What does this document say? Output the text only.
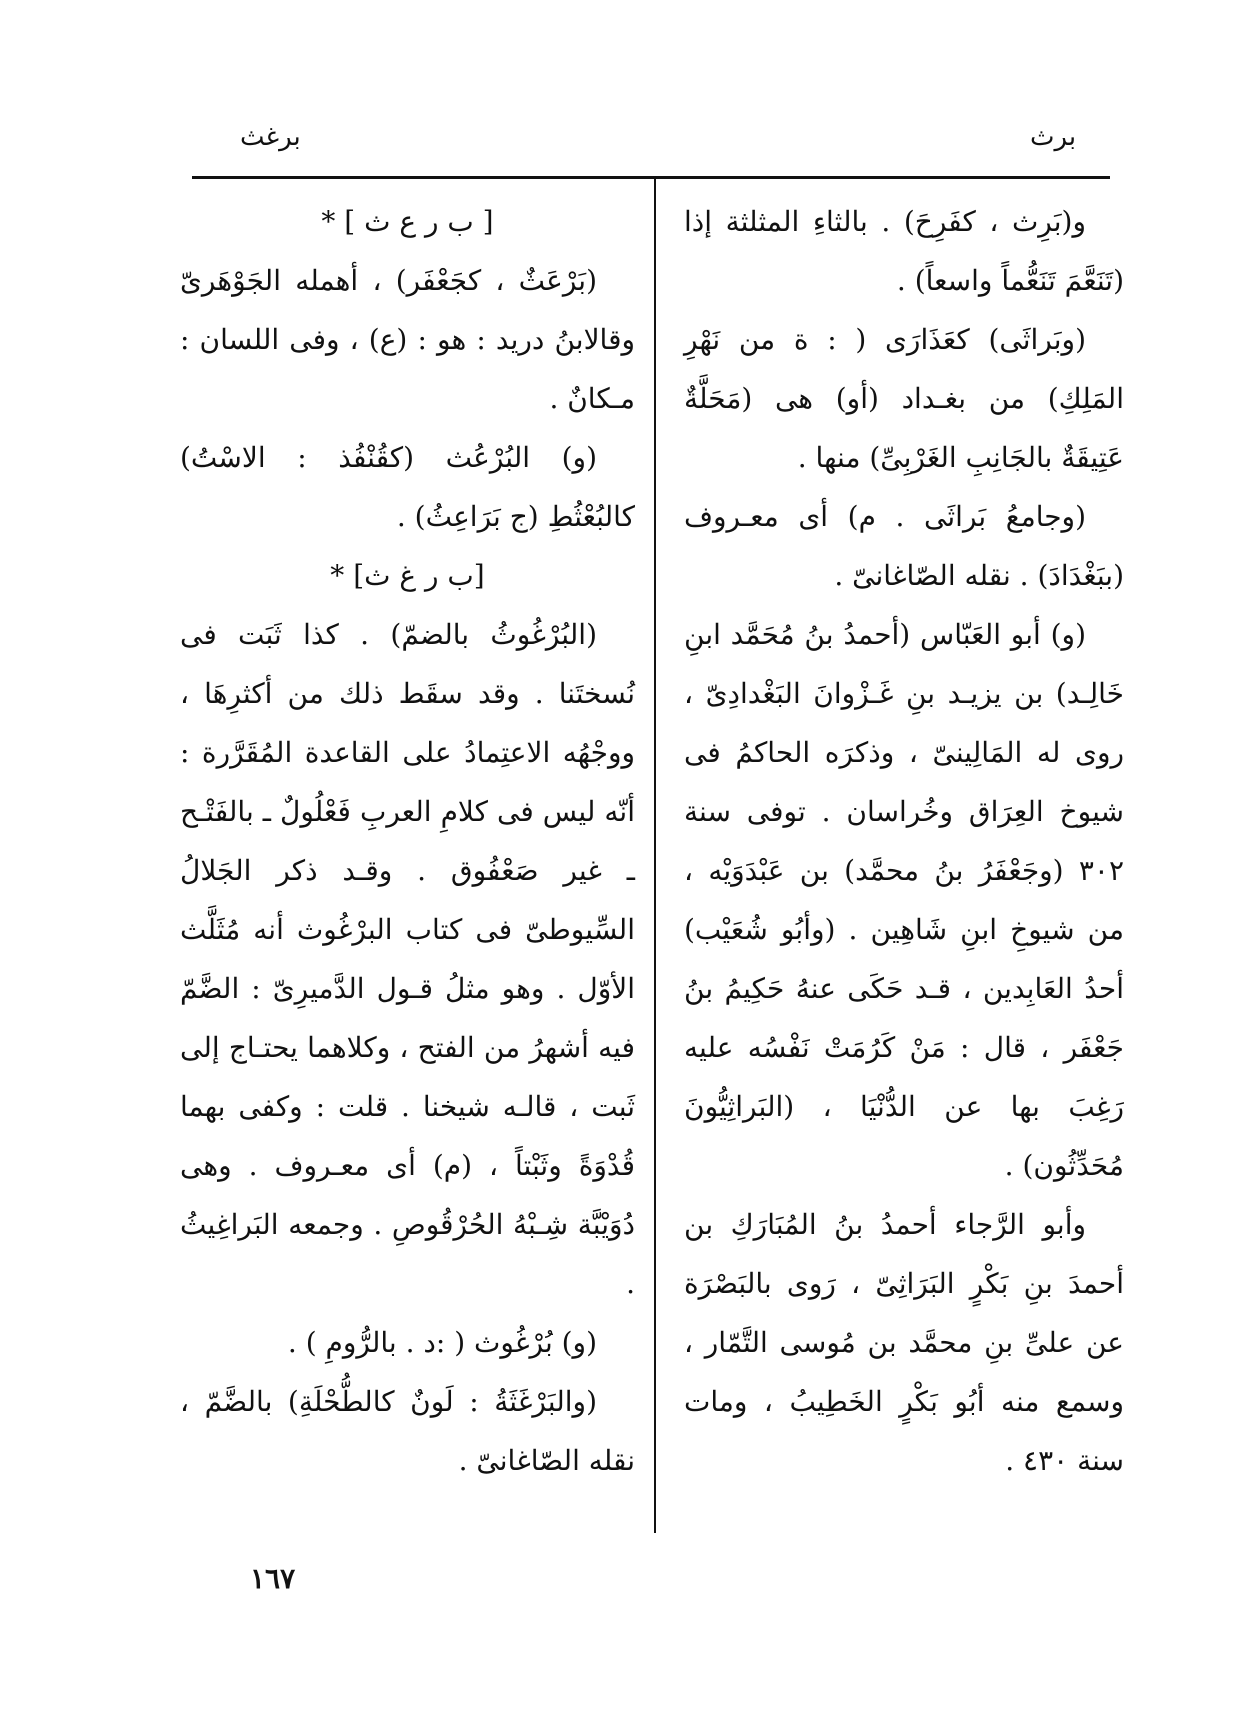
برغث	برث

و(بَرِث ، كفَرِحَ) . بالثاءِ المثلثة إذا (تَنَعَّمَ تَنَعُّماً واسعاً) .

(وبَراثَى) كعَذَارَى ( : ة من نَهْرِ المَلِكِ) من بغـداد (أو) هى (مَحَلَّةٌ عَتِيقَةٌ بالجَانِبِ الغَرْبِىِّ) منها .

(وجامعُ بَراثَى . م) أى معـروف (ببَغْدَادَ) . نقله الصّاغانىّ .

(و) أبو العَبّاس (أحمدُ بنُ مُحَمَّد ابنِ خَالِـد) بن يزيـد بنِ غَـزْوانَ البَغْدادِىّ ، روى له المَالِينىّ ، وذكرَه الحاكمُ فى شيوخ العِرَاق وخُراسان . توفى سنة ٣٠٢ (وجَعْفَرُ بنُ محمَّد) بن عَبْدَوَيْه ، من شيوخِ ابنِ شَاهِين . (وأبُو شُعَيْب) أحدُ العَابِدين ، قـد حَكَى عنهُ حَكِيمُ بنُ جَعْفَر ، قال : مَنْ كَرُمَتْ نَفْسُه عليه رَغِبَ بها عن الدُّنْيَا ، (البَراثِيُّونَ مُحَدِّثُون) .

وأبو الرَّجاء أحمدُ بنُ المُبَارَكِ بن أحمدَ بنِ بَكْرٍ البَرَاثِىّ ، رَوى بالبَصْرَة عن علىِّ بنِ محمَّد بن مُوسى التَّمّار ، وسمع منه أبُو بَكْرٍ الخَطِيبُ ، ومات سنة ٤٣٠ .

[ ب ر ع ث ] *

(بَرْعَثٌ ، كجَعْفَر) ، أهمله الجَوْهَرىّ وقالابنُ دريد : هو : (ع) ، وفى اللسان : مـكانٌ .

(و) البُرْعُث (كقُنْفُذ : الاسْتُ) كالبُعْثُطِ (ج بَرَاعِثُ) .

[ب ر غ ث] *

(البُرْغُوثُ بالضمّ) . كذا ثَبَت فى نُسختَنا . وقد سقَط ذلك من أكثرِهَا ، ووجْهُه الاعتِمادُ على القاعدة المُقَرَّرة : أنّه ليس فى كلامِ العربِ فَعْلُولٌ ـ بالفَتْـح ـ غير صَعْفُوق . وقـد ذكر الجَلالُ السِّيوطىّ فى كتاب البرْغُوث أنه مُثَلَّث الأوّل . وهو مثلُ قـول الدَّميرِىّ : الضَّمّ فيه أشهرُ من الفتح ، وكلاهما يحتـاج إلى ثَبت ، قالـه شيخنا . قلت : وكفى بهما قُدْوَةً وثَبْتاً ، (م) أى معـروف . وهى دُوَيْبَّة شِـبْهُ الحُرْقُوصِ . وجمعه البَراغِيثُ .

(و) بُرْغُوث ( :د . بالرُّومِ ) .

(والبَرْغَثَةُ : لَونٌ كالطُّحْلَةِ) بالضَّمّ ، نقله الصّاغانىّ .

١٦٧
